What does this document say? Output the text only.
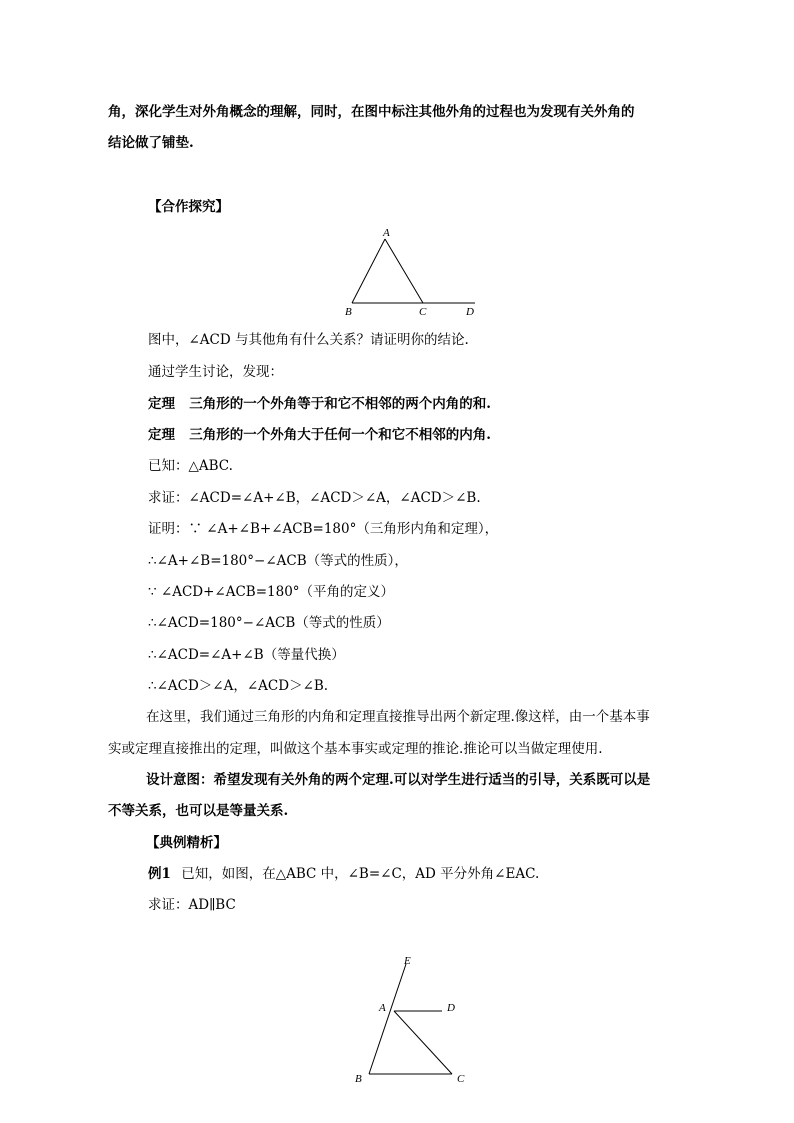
角，深化学生对外角概念的理解，同时，在图中标注其他外角的过程也为发现有关外角的
结论做了铺垫.
【合作探究】
A
B	C	D
图中，∠ACD 与其他角有什么关系？请证明你的结论.
通过学生讨论，发现：
定理 三角形的一个外角等于和它不相邻的两个内角的和.
定理 三角形的一个外角大于任何一个和它不相邻的内角.
已知：△ABC.
求证：∠ACD=∠A+∠B，∠ACD＞∠A，∠ACD＞∠B.
证明：∵ ∠A+∠B+∠ACB=180°（三角形内角和定理），
∴∠A+∠B=180°−∠ACB（等式的性质），
∵ ∠ACD+∠ACB=180°（平角的定义）
∴∠ACD=180°−∠ACB（等式的性质）
∴∠ACD=∠A+∠B（等量代换）
∴∠ACD＞∠A，∠ACD＞∠B.
在这里，我们通过三角形的内角和定理直接推导出两个新定理.像这样，由一个基本事
实或定理直接推出的定理，叫做这个基本事实或定理的推论.推论可以当做定理使用.
设计意图：希望发现有关外角的两个定理.可以对学生进行适当的引导，关系既可以是
不等关系，也可以是等量关系.
【典例精析】
例1 已知，如图，在△ABC 中，∠B=∠C，AD 平分外角∠EAC.
求证：AD∥BC
E
A	D
B	C
